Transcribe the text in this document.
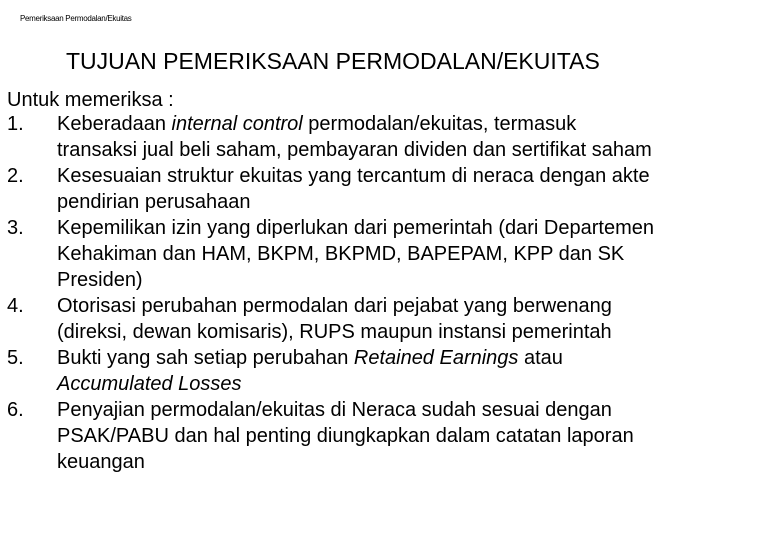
Pemeriksaan Permodalan/Ekuitas
TUJUAN PEMERIKSAAN PERMODALAN/EKUITAS
Untuk memeriksa :
1. Keberadaan internal control permodalan/ekuitas, termasuk
transaksi jual beli saham, pembayaran dividen dan sertifikat saham
2. Kesesuaian struktur ekuitas yang tercantum di neraca dengan akte
pendirian perusahaan
3. Kepemilikan izin yang diperlukan dari pemerintah (dari Departemen
Kehakiman dan HAM, BKPM, BKPMD, BAPEPAM, KPP dan SK
Presiden)
4. Otorisasi perubahan permodalan dari pejabat yang berwenang
(direksi, dewan komisaris), RUPS maupun instansi pemerintah
5. Bukti yang sah setiap perubahan Retained Earnings atau
Accumulated Losses
6. Penyajian permodalan/ekuitas di Neraca sudah sesuai dengan
PSAK/PABU dan hal penting diungkapkan dalam catatan laporan
keuangan
